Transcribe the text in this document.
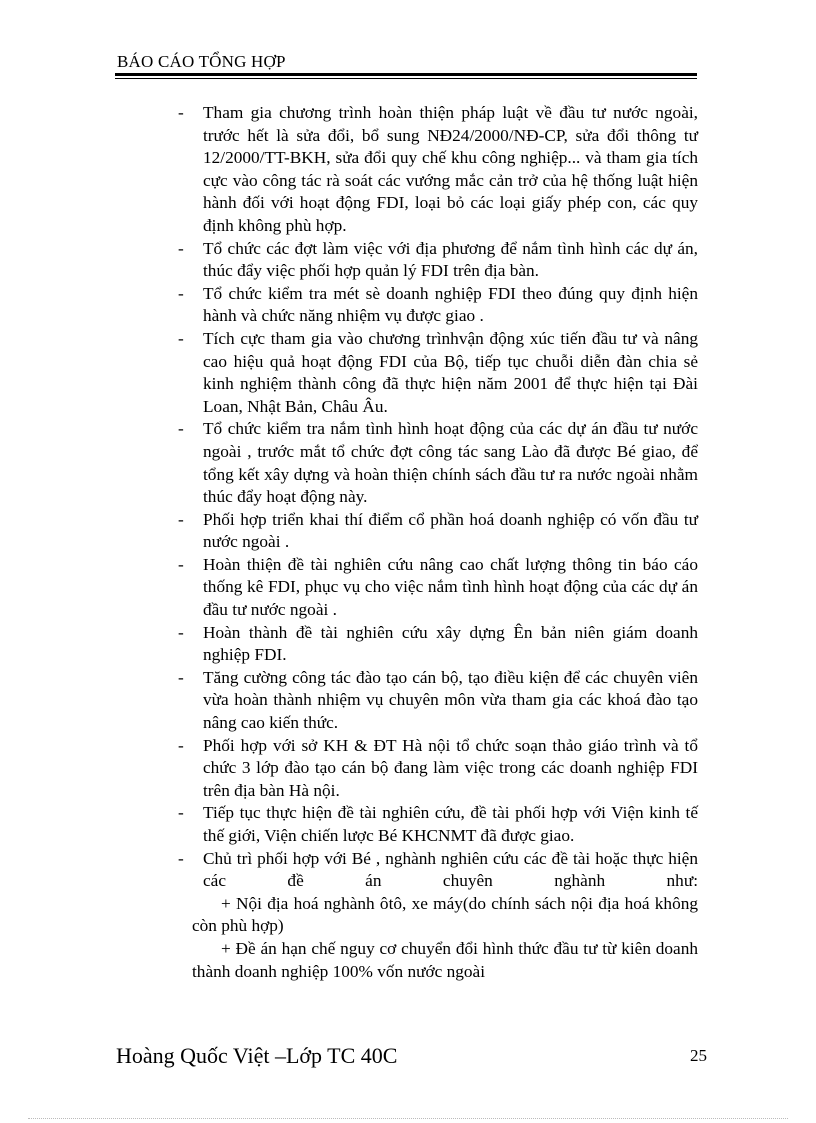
BÁO CÁO TỔNG HỢP
- Tham gia chương trình hoàn thiện pháp luật về đầu tư nước ngoài, trước hết là sửa đổi, bổ sung NĐ24/2000/NĐ-CP, sửa đổi thông tư 12/2000/TT-BKH, sửa đổi quy chế khu công nghiệp... và tham gia tích cực vào công tác rà soát các vướng mắc cản trở của hệ thống luật hiện hành đối với hoạt động FDI, loại bỏ các loại giấy phép con, các quy định không phù hợp.
- Tổ chức các đợt làm việc với địa phương để nắm tình hình các dự án, thúc đẩy việc phối hợp quản lý FDI trên địa bàn.
- Tổ chức kiểm tra mét sè doanh nghiệp FDI theo đúng quy định hiện hành và chức năng nhiệm vụ được giao .
- Tích cực tham gia vào chương trìnhvận động xúc tiến đầu tư và nâng cao hiệu quả hoạt động FDI của Bộ, tiếp tục chuỗi diễn đàn chia sẻ kinh nghiệm thành công đã thực hiện năm 2001 để thực hiện tại Đài Loan, Nhật Bản, Châu Âu.
- Tổ chức kiểm tra nắm tình hình hoạt động của các dự án đầu tư nước ngoài , trước mắt tổ chức đợt công tác sang Lào đã được Bé giao, để tổng kết xây dựng và hoàn thiện chính sách đầu tư ra nước ngoài nhằm thúc đẩy hoạt động này.
- Phối hợp triển khai thí điểm cổ phần hoá doanh nghiệp có vốn đầu tư nước ngoài .
- Hoàn thiện đề tài nghiên cứu nâng cao chất lượng thông tin báo cáo thống kê FDI, phục vụ cho việc nắm tình hình hoạt động của các dự án đầu tư nước ngoài .
- Hoàn thành đề tài nghiên cứu xây dựng Ên bản niên giám doanh nghiệp FDI.
- Tăng cường công tác đào tạo cán bộ, tạo điều kiện để các chuyên viên vừa hoàn thành nhiệm vụ chuyên môn vừa tham gia các khoá đào tạo nâng cao kiến thức.
- Phối hợp với sở KH & ĐT Hà nội tổ chức soạn thảo giáo trình và tổ chức 3 lớp đào tạo cán bộ đang làm việc trong các doanh nghiệp FDI trên địa bàn Hà nội.
- Tiếp tục thực hiện đề tài nghiên cứu, đề tài phối hợp với Viện kinh tế thế giới, Viện chiến lược Bé KHCNMT đã được giao.
- Chủ trì phối hợp với Bé , nghành nghiên cứu các đề tài hoặc thực hiện các đề án chuyên nghành như:
+ Nội địa hoá nghành ôtô, xe máy(do chính sách nội địa hoá không còn phù hợp)
+ Đề án hạn chế nguy cơ chuyển đổi hình thức đầu tư từ kiên doanh thành doanh nghiệp 100% vốn nước ngoài
Hoàng Quốc Việt –Lớp TC 40C	25
